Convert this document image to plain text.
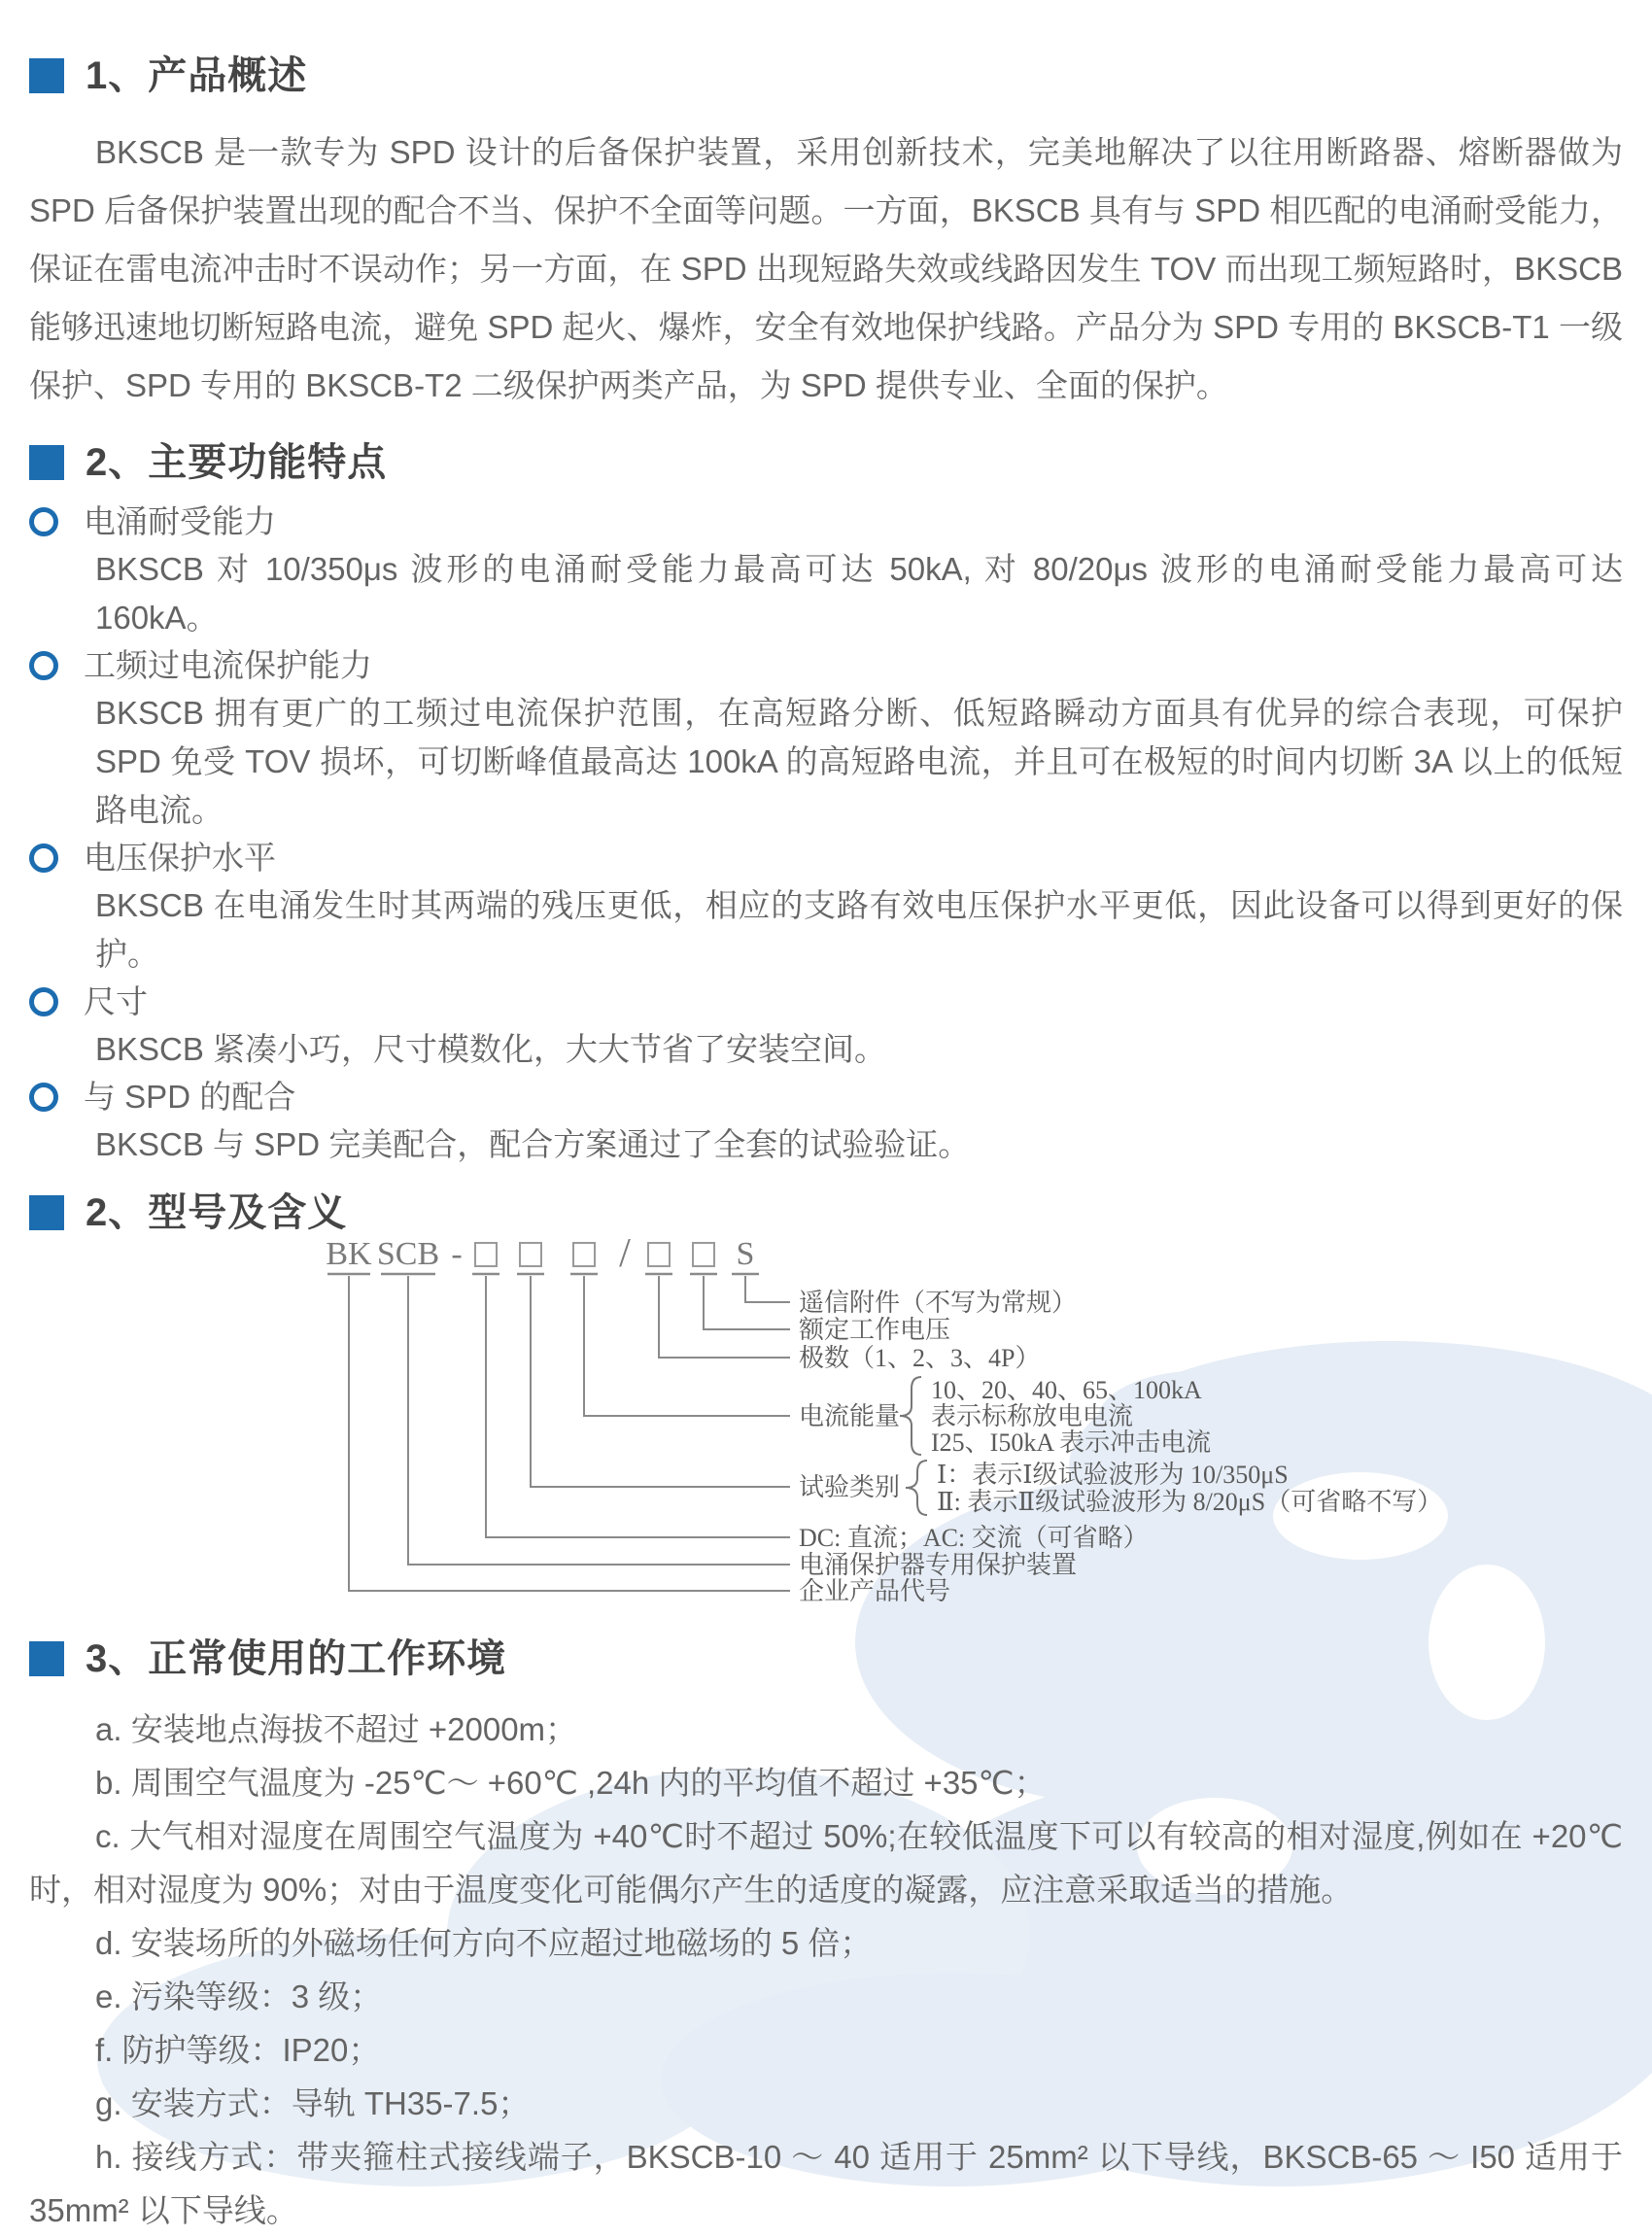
1、产品概述

BKSCB 是一款专为 SPD 设计的后备保护装置，采用创新技术，完美地解决了以往用断路器、熔断器做为 SPD 后备保护装置出现的配合不当、保护不全面等问题。一方面，BKSCB 具有与 SPD 相匹配的电涌耐受能力，保证在雷电流冲击时不误动作；另一方面，在 SPD 出现短路失效或线路因发生 TOV 而出现工频短路时，BKSCB 能够迅速地切断短路电流，避免 SPD 起火、爆炸，安全有效地保护线路。产品分为 SPD 专用的 BKSCB-T1 一级保护、SPD 专用的 BKSCB-T2 二级保护两类产品，为 SPD 提供专业、全面的保护。

2、主要功能特点
电涌耐受能力

BKSCB 对 10/350μs 波形的电涌耐受能力最高可达 50kA, 对 80/20μs 波形的电涌耐受能力最高可达 160kA。

工频过电流保护能力

BKSCB 拥有更广的工频过电流保护范围，在高短路分断、低短路瞬动方面具有优异的综合表现，可保护 SPD 免受 TOV 损坏，可切断峰值最高达 100kA 的高短路电流，并且可在极短的时间内切断 3A 以上的低短路电流。

电压保护水平

BKSCB 在电涌发生时其两端的残压更低，相应的支路有效电压保护水平更低，因此设备可以得到更好的保护。

尺寸

BKSCB 紧凑小巧，尺寸模数化，大大节省了安装空间。

与 SPD 的配合

BKSCB 与 SPD 完美配合，配合方案通过了全套的试验验证。

2、型号及含义
BK SCB -	/	S
遥信附件（不写为常规）
额定工作电压
极数（1、2、3、4P）
电流能量
10、20、40、65、100kA
表示标称放电电流
I25、I50kA 表示冲击电流
试验类别 Ⅰ：表示Ⅰ级试验波形为 10/350μS
Ⅱ: 表示Ⅱ级试验波形为 8/20μS（可省略不写）
DC: 直流；AC: 交流（可省略）
电涌保护器专用保护装置
企业产品代号
3、正常使用的工作环境

a. 安装地点海拔不超过 +2000m；

b. 周围空气温度为 -25℃～ +60℃ ,24h 内的平均值不超过 +35℃；

c. 大气相对湿度在周围空气温度为 +40℃时不超过 50%;在较低温度下可以有较高的相对湿度,例如在 +20℃时，相对湿度为 90%；对由于温度变化可能偶尔产生的适度的凝露，应注意采取适当的措施。

d. 安装场所的外磁场任何方向不应超过地磁场的 5 倍；

e. 污染等级：3 级；

f. 防护等级：IP20；

g. 安装方式：导轨 TH35-7.5；

h. 接线方式：带夹箍柱式接线端子，BKSCB-10 ～ 40 适用于 25mm² 以下导线，BKSCB-65 ～ I50 适用于 35mm² 以下导线。
